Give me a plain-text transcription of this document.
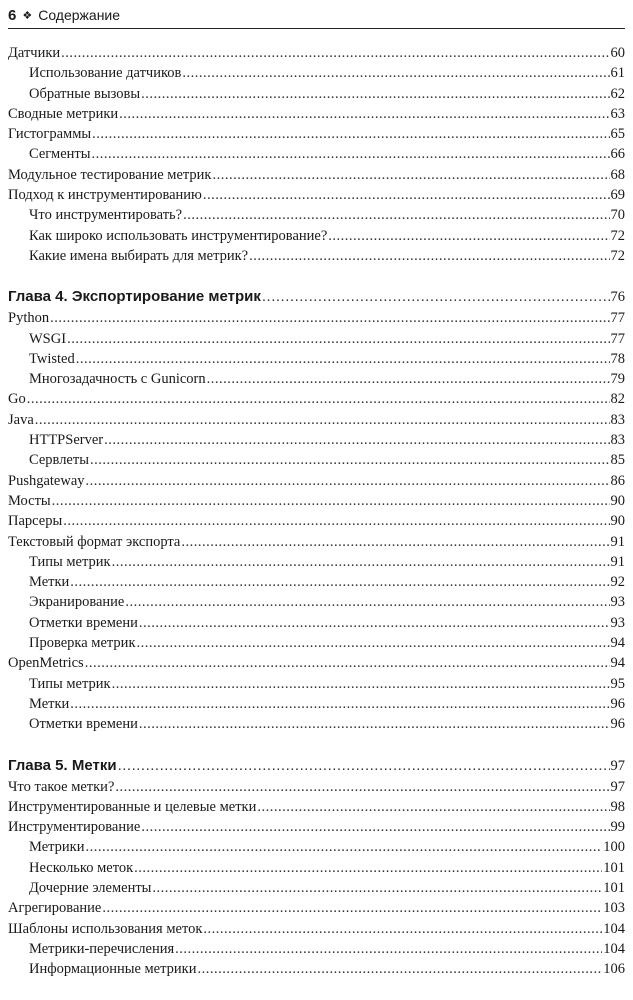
6 ❖ Содержание
Датчики .....	60
Использование датчиков .....	61
Обратные вызовы .....	62
Сводные метрики .....	63
Гистограммы .....	65
Сегменты .....	66
Модульное тестирование метрик .....	68
Подход к инструментированию .....	69
Что инструментировать? .....	70
Как широко использовать инструментирование? .....	72
Какие имена выбирать для метрик? .....	72
Глава 4. Экспортирование метрик .....	76
Python .....	77
WSGI .....	77
Twisted .....	78
Многозадачность с Gunicorn .....	79
Go .....	82
Java .....	83
HTTPServer .....	83
Сервлеты .....	85
Pushgateway .....	86
Мосты .....	90
Парсеры .....	90
Текстовый формат экспорта .....	91
Типы метрик .....	91
Метки .....	92
Экранирование .....	93
Отметки времени .....	93
Проверка метрик .....	94
OpenMetrics .....	94
Типы метрик .....	95
Метки .....	96
Отметки времени .....	96
Глава 5. Метки .....	97
Что такое метки? .....	97
Инструментированные и целевые метки .....	98
Инструментирование .....	99
Метрики .....	100
Несколько меток .....	101
Дочерние элементы .....	101
Агрегирование .....	103
Шаблоны использования меток .....	104
Метрики-перечисления .....	104
Информационные метрики .....	106
